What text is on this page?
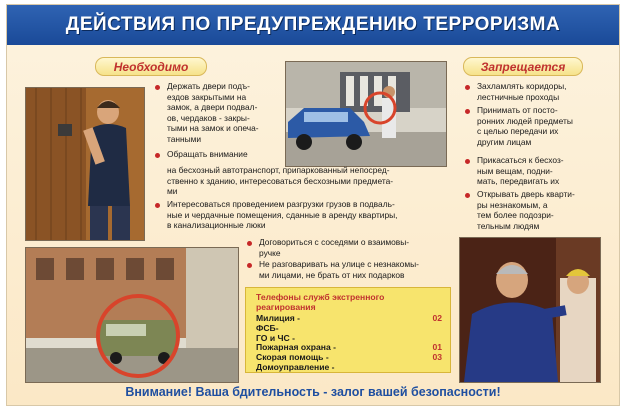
ДЕЙСТВИЯ ПО ПРЕДУПРЕЖДЕНИЮ ТЕРРОРИЗМА
Необходимо	Запрещается
Держать двери подъ-
ездов закрытыми на
замок, а двери подвал-
ов, чердаков - закры-
тыми на замок и опеча-
танными
Обращать внимание
на бесхозный автотранспорт, припаркованный непосред-
ственно к зданию, интересоваться бесхозными предмета-
ми
Интересоваться проведением разгрузки грузов в подваль-
ные и чердачные помещения, сданные в аренду квартиры,
в канализационные люки
Договориться с соседями о взаимовы-
ручке
Не разговаривать на улице с незнакомы-
ми лицами, не брать от них подарков
Захламлять коридоры,
лестничные проходы
Принимать от посто-
ронних людей предметы
с целью передачи их
другим лицам
Прикасаться к бесхоз-
ным вещам, подни-
мать, передвигать их
Открывать дверь кварти-
ры незнакомым, а
тем более подозри-
тельным людям
Телефоны служб экстренного
реагирования
Милиция -	02
ФСБ-
ГО и ЧС -
Пожарная охрана -	01
Скорая помощь -	03
Домоуправление -
Внимание! Ваша бдительность - залог вашей безопасности!
